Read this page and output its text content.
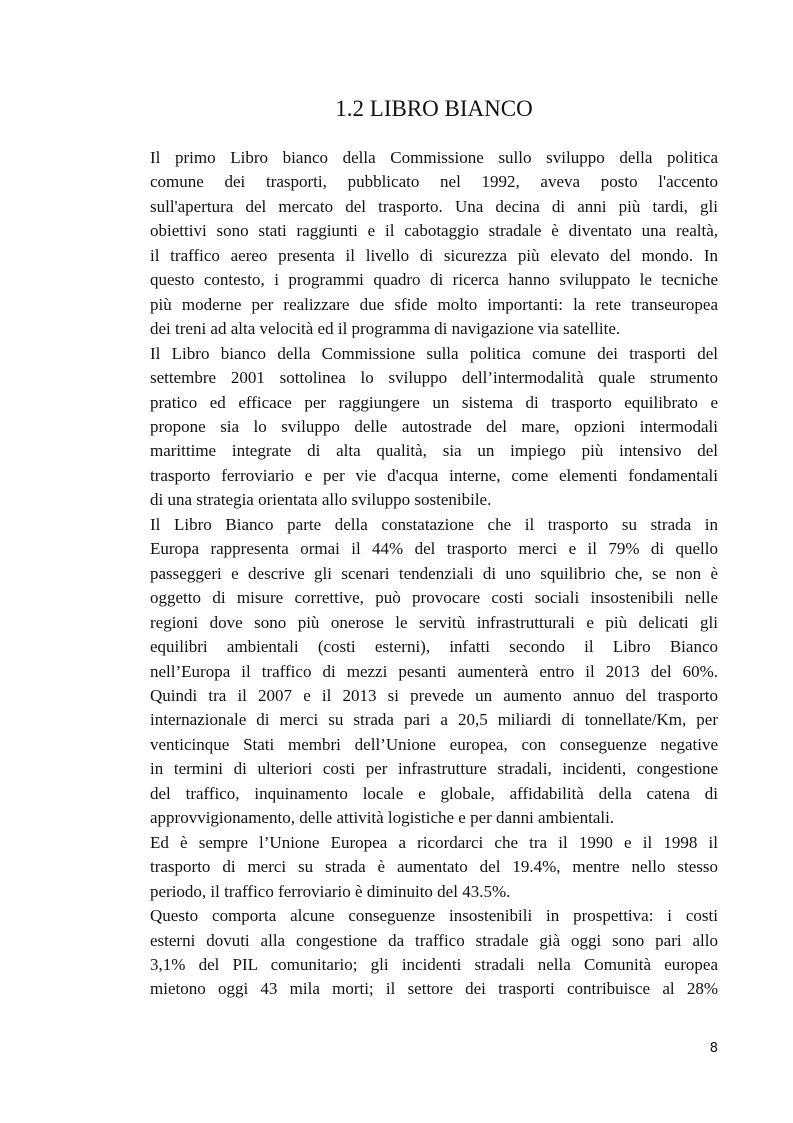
1.2 LIBRO BIANCO

Il primo Libro bianco della Commissione sullo sviluppo della politica
comune dei trasporti, pubblicato nel 1992, aveva posto l'accento
sull'apertura del mercato del trasporto. Una decina di anni più tardi, gli
obiettivi sono stati raggiunti e il cabotaggio stradale è diventato una realtà,
il traffico aereo presenta il livello di sicurezza più elevato del mondo. In
questo contesto, i programmi quadro di ricerca hanno sviluppato le tecniche
più moderne per realizzare due sfide molto importanti: la rete transeuropea
dei treni ad alta velocità ed il programma di navigazione via satellite.

Il Libro bianco della Commissione sulla politica comune dei trasporti del
settembre 2001 sottolinea lo sviluppo dell’intermodalità quale strumento
pratico ed efficace per raggiungere un sistema di trasporto equilibrato e
propone sia lo sviluppo delle autostrade del mare, opzioni intermodali
marittime integrate di alta qualità, sia un impiego più intensivo del
trasporto ferroviario e per vie d'acqua interne, come elementi fondamentali
di una strategia orientata allo sviluppo sostenibile.

Il Libro Bianco parte della constatazione che il trasporto su strada in
Europa rappresenta ormai il 44% del trasporto merci e il 79% di quello
passeggeri e descrive gli scenari tendenziali di uno squilibrio che, se non è
oggetto di misure correttive, può provocare costi sociali insostenibili nelle
regioni dove sono più onerose le servitù infrastrutturali e più delicati gli
equilibri ambientali (costi esterni), infatti secondo il Libro Bianco
nell’Europa il traffico di mezzi pesanti aumenterà entro il 2013 del 60%.
Quindi tra il 2007 e il 2013 si prevede un aumento annuo del trasporto
internazionale di merci su strada pari a 20,5 miliardi di tonnellate/Km, per
venticinque Stati membri dell’Unione europea, con conseguenze negative
in termini di ulteriori costi per infrastrutture stradali, incidenti, congestione
del traffico, inquinamento locale e globale, affidabilità della catena di
approvvigionamento, delle attività logistiche e per danni ambientali.

Ed è sempre l’Unione Europea a ricordarci che tra il 1990 e il 1998 il
trasporto di merci su strada è aumentato del 19.4%, mentre nello stesso
periodo, il traffico ferroviario è diminuito del 43.5%.

Questo comporta alcune conseguenze insostenibili in prospettiva: i costi
esterni dovuti alla congestione da traffico stradale già oggi sono pari allo
3,1% del PIL comunitario; gli incidenti stradali nella Comunità europea
mietono oggi 43 mila morti; il settore dei trasporti contribuisce al 28%

8
